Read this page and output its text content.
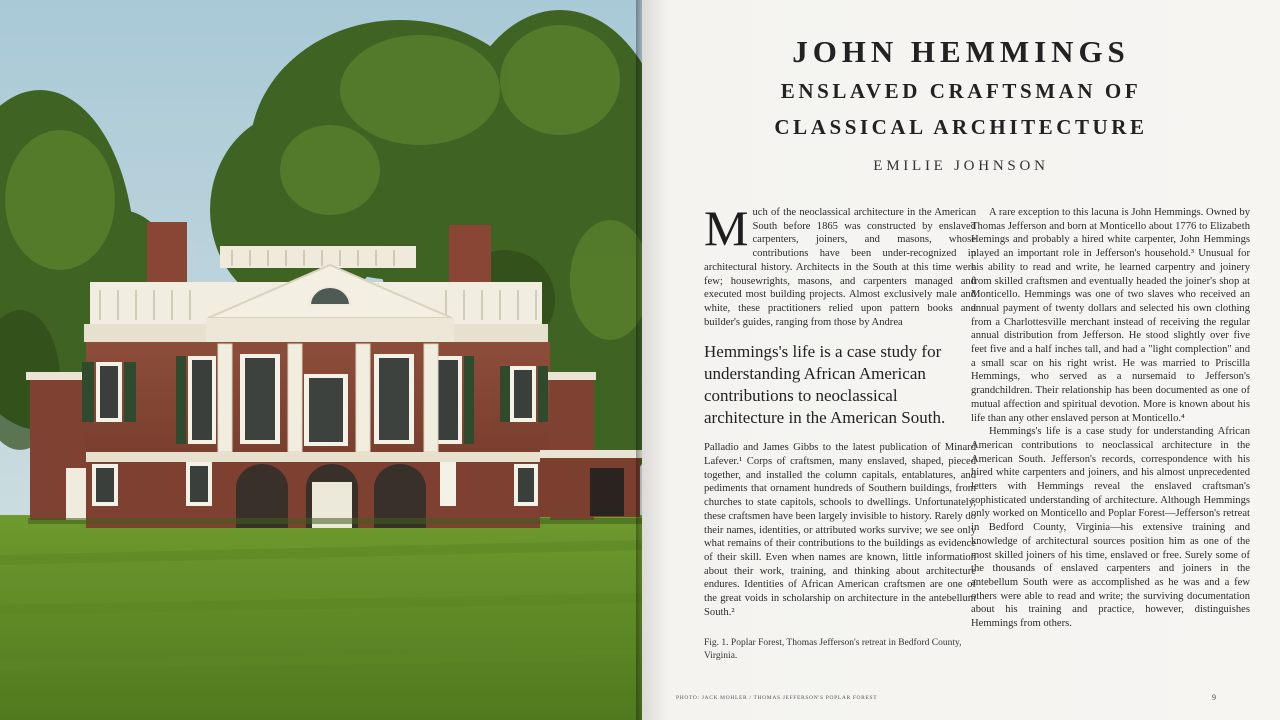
JOHN HEMMINGS
ENSLAVED CRAFTSMAN OF
CLASSICAL ARCHITECTURE
EMILIE JOHNSON

Much of the neoclassical architecture in the American South before 1865 was constructed by enslaved carpenters, joiners, and masons, whose contributions have been under-recognized in architectural history. Architects in the South at this time were few; housewrights, masons, and carpenters managed and executed most building projects. Almost exclusively male and white, these practitioners relied upon pattern books and builder's guides, ranging from those by Andrea

Hemmings's life is a case study for understanding African American contributions to neoclassical architecture in the American South.

Palladio and James Gibbs to the latest publication of Minard Lafever.¹ Corps of craftsmen, many enslaved, shaped, pieced together, and installed the column capitals, entablatures, and pediments that ornament hundreds of Southern buildings, from churches to state capitols, schools to dwellings. Unfortunately, these craftsmen have been largely invisible to history. Rarely do their names, identities, or attributed works survive; we see only what remains of their contributions to the buildings as evidence of their skill. Even when names are known, little information about their work, training, and thinking about architecture endures. Identities of African American craftsmen are one of the great voids in scholarship on architecture in the antebellum South.²

Fig. 1. Poplar Forest, Thomas Jefferson's retreat in Bedford County, Virginia.

A rare exception to this lacuna is John Hemmings. Owned by Thomas Jefferson and born at Monticello about 1776 to Elizabeth Hemings and probably a hired white carpenter, John Hemmings played an important role in Jefferson's household.³ Unusual for his ability to read and write, he learned carpentry and joinery from skilled craftsmen and eventually headed the joiner's shop at Monticello. Hemmings was one of two slaves who received an annual payment of twenty dollars and selected his own clothing from a Charlottesville merchant instead of receiving the regular annual distribution from Jefferson. He stood slightly over five feet five and a half inches tall, and had a "light complection" and a small scar on his right wrist. He was married to Priscilla Hemmings, who served as a nursemaid to Jefferson's grandchildren. Their relationship has been documented as one of mutual affection and spiritual devotion. More is known about his life than any other enslaved person at Monticello.⁴

Hemmings's life is a case study for understanding African American contributions to neoclassical architecture in the American South. Jefferson's records, correspondence with his hired white carpenters and joiners, and his almost unprecedented letters with Hemmings reveal the enslaved craftsman's sophisticated understanding of architecture. Although Hemmings only worked on Monticello and Poplar Forest—Jefferson's retreat in Bedford County, Virginia—his extensive training and knowledge of architectural sources position him as one of the most skilled joiners of his time, enslaved or free. Surely some of the thousands of enslaved carpenters and joiners in the antebellum South were as accomplished as he was and a few others were able to read and write; the surviving documentation about his training and practice, however, distinguishes Hemmings from others.

9
PHOTO: JACK MOHLER / THOMAS JEFFERSON'S POPLAR FOREST
